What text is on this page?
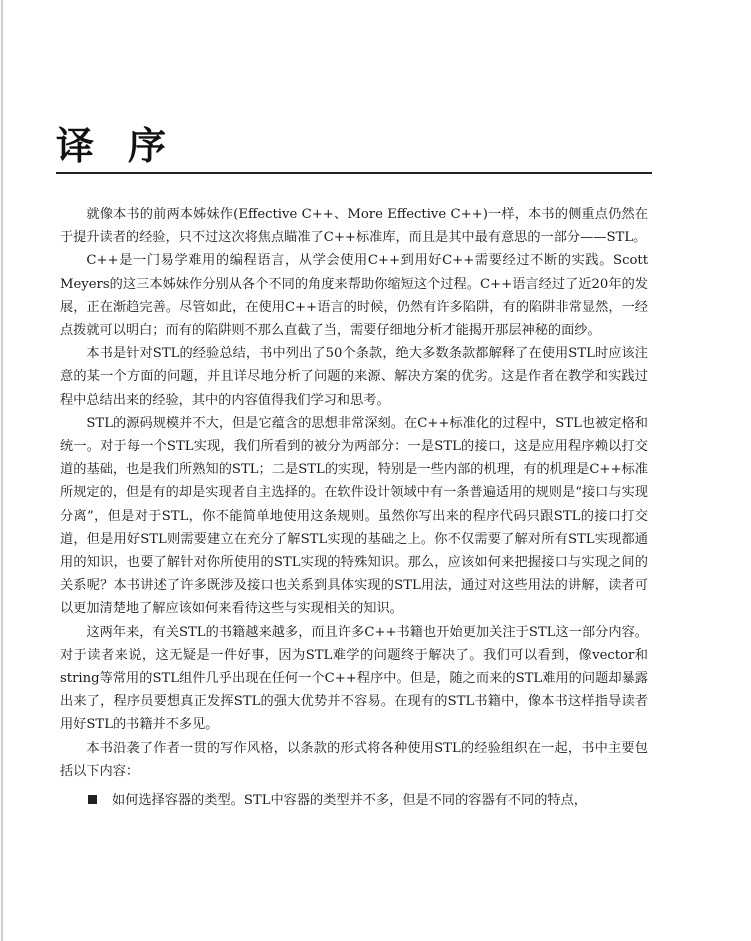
译序

就像本书的前两本姊妹作(Effective C++、More Effective C++)一样，本书的侧重点仍然在于提升读者的经验，只不过这次将焦点瞄准了C++标准库，而且是其中最有意思的一部分——STL。

C++是一门易学难用的编程语言，从学会使用C++到用好C++需要经过不断的实践。Scott Meyers的这三本姊妹作分别从各个不同的角度来帮助你缩短这个过程。C++语言经过了近20年的发展，正在渐趋完善。尽管如此，在使用C++语言的时候，仍然有许多陷阱，有的陷阱非常显然，一经点拨就可以明白；而有的陷阱则不那么直截了当，需要仔细地分析才能揭开那层神秘的面纱。

本书是针对STL的经验总结，书中列出了50个条款，绝大多数条款都解释了在使用STL时应该注意的某一个方面的问题，并且详尽地分析了问题的来源、解决方案的优劣。这是作者在教学和实践过程中总结出来的经验，其中的内容值得我们学习和思考。

STL的源码规模并不大，但是它蕴含的思想非常深刻。在C++标准化的过程中，STL也被定格和统一。对于每一个STL实现，我们所看到的被分为两部分：一是STL的接口，这是应用程序赖以打交道的基础，也是我们所熟知的STL；二是STL的实现，特别是一些内部的机理，有的机理是C++标准所规定的，但是有的却是实现者自主选择的。在软件设计领域中有一条普遍适用的规则是“接口与实现分离”，但是对于STL，你不能简单地使用这条规则。虽然你写出来的程序代码只跟STL的接口打交道，但是用好STL则需要建立在充分了解STL实现的基础之上。你不仅需要了解对所有STL实现都通用的知识，也要了解针对你所使用的STL实现的特殊知识。那么，应该如何来把握接口与实现之间的关系呢？本书讲述了许多既涉及接口也关系到具体实现的STL用法，通过对这些用法的讲解，读者可以更加清楚地了解应该如何来看待这些与实现相关的知识。

这两年来，有关STL的书籍越来越多，而且许多C++书籍也开始更加关注于STL这一部分内容。对于读者来说，这无疑是一件好事，因为STL难学的问题终于解决了。我们可以看到，像vector和string等常用的STL组件几乎出现在任何一个C++程序中。但是，随之而来的STL难用的问题却暴露出来了，程序员要想真正发挥STL的强大优势并不容易。在现有的STL书籍中，像本书这样指导读者用好STL的书籍并不多见。

本书沿袭了作者一贯的写作风格，以条款的形式将各种使用STL的经验组织在一起，书中主要包括以下内容：

如何选择容器的类型。STL中容器的类型并不多，但是不同的容器有不同的特点，
